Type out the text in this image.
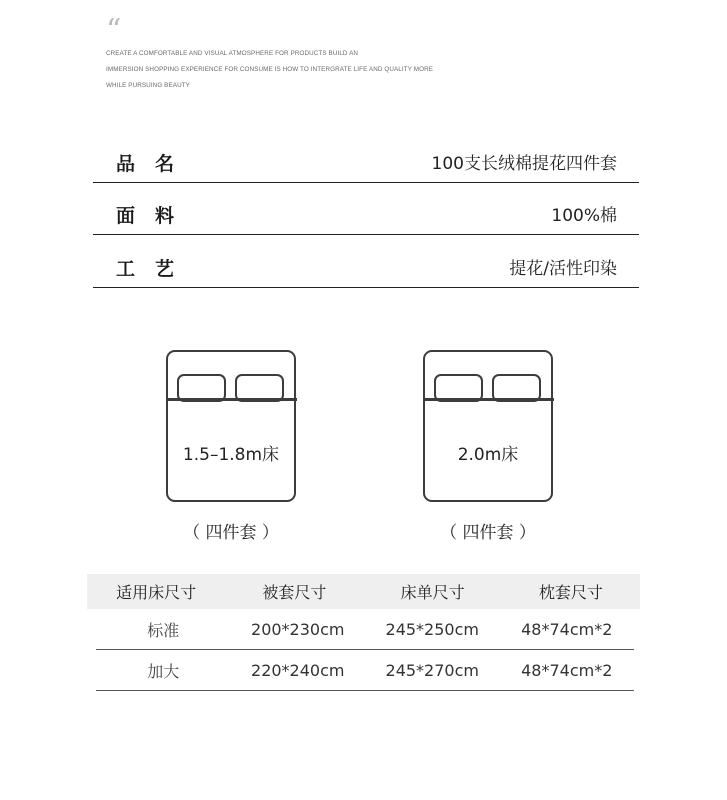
“
CREATE A COMFORTABLE AND VISUAL ATMOSPHERE FOR PRODUCTS BUILD AN
IMMERSION SHOPPING EXPERIENCE FOR CONSUME IS HOW TO INTERGRATE LIFE AND QUALITY MORE
WHILE PURSUING BEAUTY
品名	100支长绒棉提花四件套
面料	100%棉
工艺	提花/活性印染
1.5–1.8m床
（ 四件套 ）
2.0m床
（ 四件套 ）
适用床尺寸	被套尺寸	床单尺寸	枕套尺寸
标准	200*230cm	245*250cm	48*74cm*2
加大	220*240cm	245*270cm	48*74cm*2
